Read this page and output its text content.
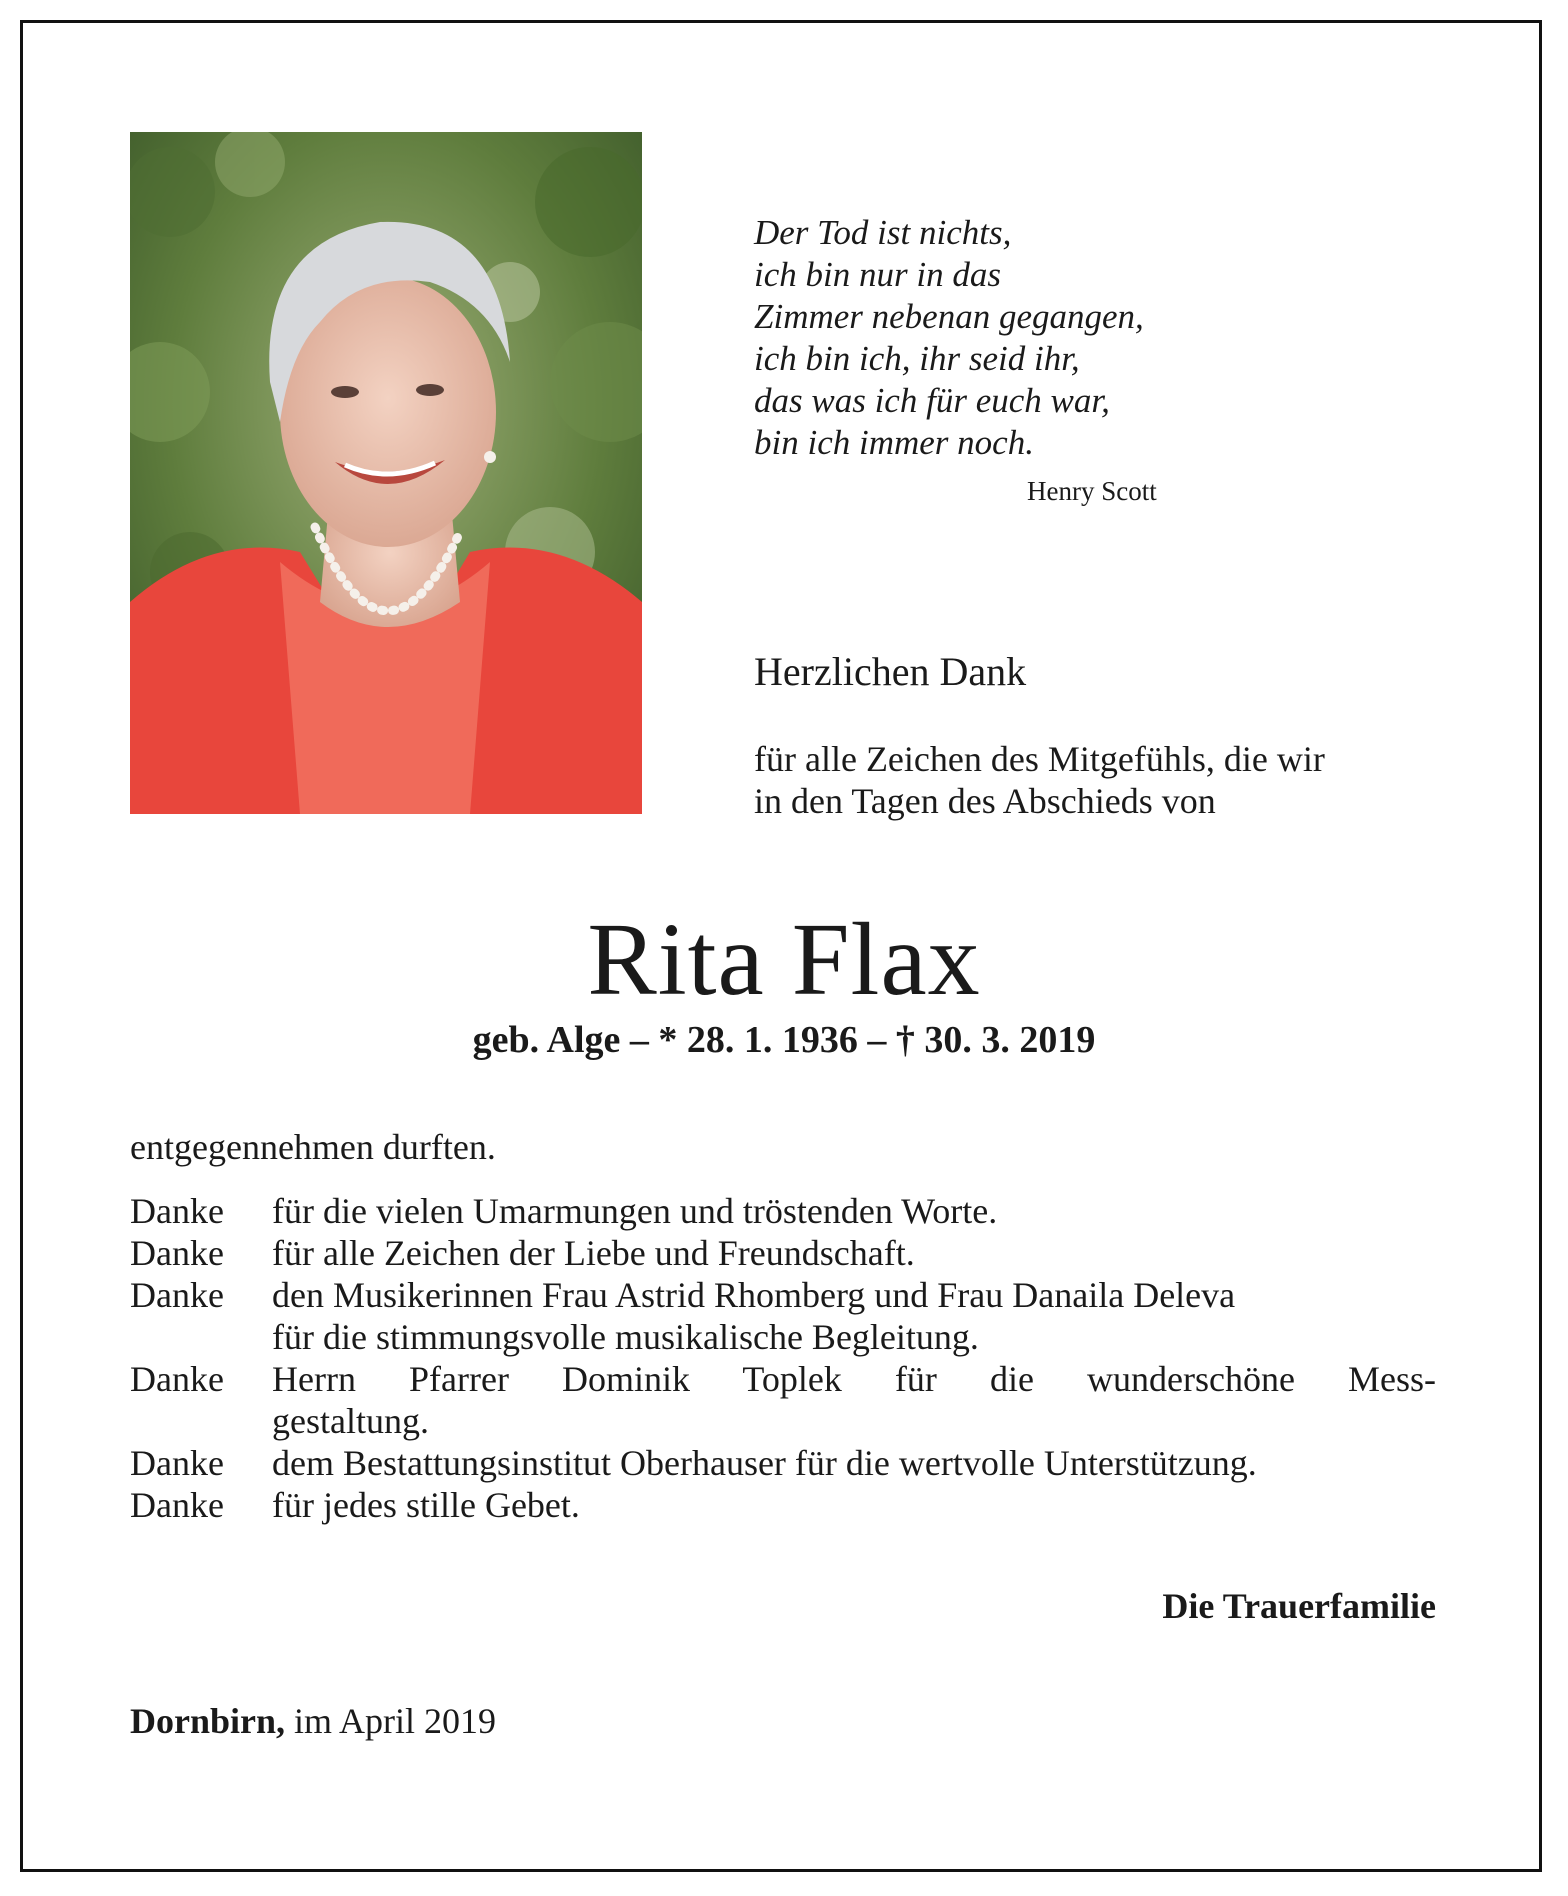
Der Tod ist nichts,
ich bin nur in das
Zimmer nebenan gegangen,
ich bin ich, ihr seid ihr,
das was ich für euch war,
bin ich immer noch.
Henry Scott
Herzlichen Dank
für alle Zeichen des Mitgefühls, die wir
in den Tagen des Abschieds von
Rita Flax
geb. Alge – * 28. 1. 1936 – † 30. 3. 2019
entgegennehmen durften.
Danke	für die vielen Umarmungen und tröstenden Worte.
Danke	für alle Zeichen der Liebe und Freundschaft.
Danke	den Musikerinnen Frau Astrid Rhomberg und Frau Danaila Deleva
für die stimmungsvolle musikalische Begleitung.
Danke	Herrn Pfarrer Dominik Toplek für die wunderschöne Mess-
gestaltung.
Danke	dem Bestattungsinstitut Oberhauser für die wertvolle Unterstützung.
Danke	für jedes stille Gebet.
Die Trauerfamilie
Dornbirn, im April 2019
